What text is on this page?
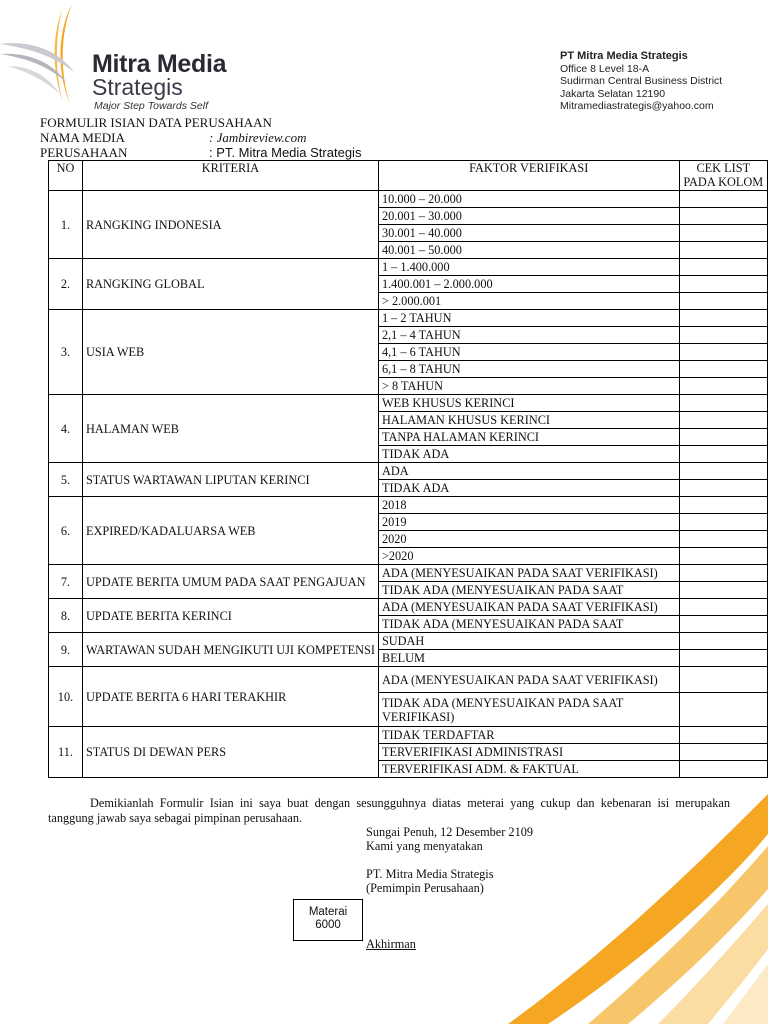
Mitra Media
Strategis
Major Step Towards Self
PT Mitra Media Strategis
Office 8 Level 18-A
Sudirman Central Business District
Jakarta Selatan 12190
Mitramediastrategis@yahoo.com
FORMULIR ISIAN DATA PERUSAHAAN
NAMA MEDIA	: Jambireview.com
PERUSAHAAN	: PT. Mitra Media Strategis
NO	KRITERIA	FAKTOR VERIFIKASI	CEK LIST PADA KOLOM
1.	RANGKING INDONESIA	10.000 – 20.000	
		20.001 – 30.000	
		30.001 – 40.000	
		40.001 – 50.000	
2.	RANGKING GLOBAL	1 – 1.400.000	
		1.400.001 – 2.000.000	
		> 2.000.001	
3.	USIA WEB	1 – 2 TAHUN	
		2,1 – 4 TAHUN	
		4,1 – 6 TAHUN	
		6,1 – 8 TAHUN	
		> 8 TAHUN	
4.	HALAMAN WEB	WEB KHUSUS KERINCI	
		HALAMAN KHUSUS KERINCI	
		TANPA HALAMAN KERINCI	
		TIDAK ADA	
5.	STATUS WARTAWAN LIPUTAN KERINCI	ADA	
		TIDAK ADA	
6.	EXPIRED/KADALUARSA WEB	2018	
		2019	
		2020	
		>2020	
7.	UPDATE BERITA UMUM PADA SAAT PENGAJUAN	ADA (MENYESUAIKAN PADA SAAT VERIFIKASI)	
		TIDAK ADA (MENYESUAIKAN PADA SAAT	
8.	UPDATE BERITA KERINCI	ADA (MENYESUAIKAN PADA SAAT VERIFIKASI)	
		TIDAK ADA (MENYESUAIKAN PADA SAAT	
9.	WARTAWAN SUDAH MENGIKUTI UJI KOMPETENSI	SUDAH	
		BELUM	
10.	UPDATE BERITA 6 HARI TERAKHIR	ADA (MENYESUAIKAN PADA SAAT VERIFIKASI)	
		TIDAK ADA (MENYESUAIKAN PADA SAAT VERIFIKASI)	
11.	STATUS DI DEWAN PERS	TIDAK TERDAFTAR	
		TERVERIFIKASI ADMINISTRASI	
		TERVERIFIKASI ADM. & FAKTUAL	
Demikianlah Formulir Isian ini saya buat dengan sesungguhnya diatas meterai yang cukup dan kebenaran isi merupakan tanggung jawab saya sebagai pimpinan perusahaan.
Sungai Penuh, 12 Desember 2109
Kami yang menyatakan
PT. Mitra Media Strategis
(Pemimpin Perusahaan)
Materai
6000
Akhirman
